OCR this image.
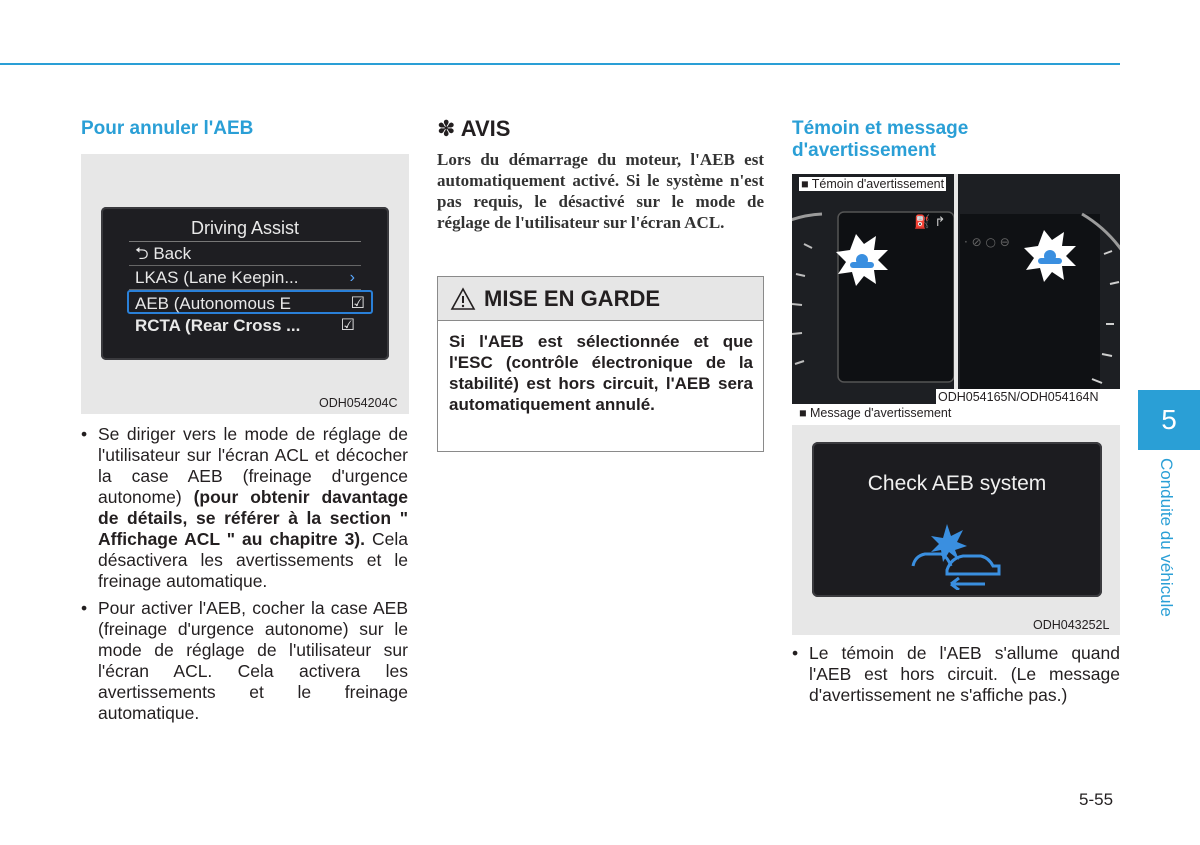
Pour annuler l'AEB
Driving Assist
⮌ Back
LKAS (Lane Keepin...	›
AEB (Autonomous E	☑
RCTA (Rear Cross ...	☑
ODH054204C
• Se diriger vers le mode de réglage de l'utilisateur sur l'écran ACL et décocher la case AEB (freinage d'urgence autonome) (pour obtenir davantage de détails, se référer à la section " Affichage ACL " au chapitre 3). Cela désactivera les avertissements et le freinage automatique.
• Pour activer l'AEB, cocher la case AEB (freinage d'urgence autonome) sur le mode de réglage de l'utilisateur sur l'écran ACL. Cela activera les avertissements et le freinage automatique.
✽ AVIS

Lors du démarrage du moteur, l'AEB est automatiquement activé. Si le système n'est pas requis, le désactivé sur le mode de réglage de l'utilisateur sur l'écran ACL.

MISE EN GARDE
Si l'AEB est sélectionnée et que l'ESC (contrôle électronique de la stabilité) est hors circuit, l'AEB sera automatiquement annulé.
Témoin et message d'avertissement
⛽ ↱
· ⊘ ○ ⊖
■ Témoin d'avertissement
ODH054165N/ODH054164N
■ Message d'avertissement
Check AEB system
ODH043252L
• Le témoin de l'AEB s'allume quand l'AEB est hors circuit. (Le message d'avertissement ne s'affiche pas.)
5
Conduite du véhicule
5-55
